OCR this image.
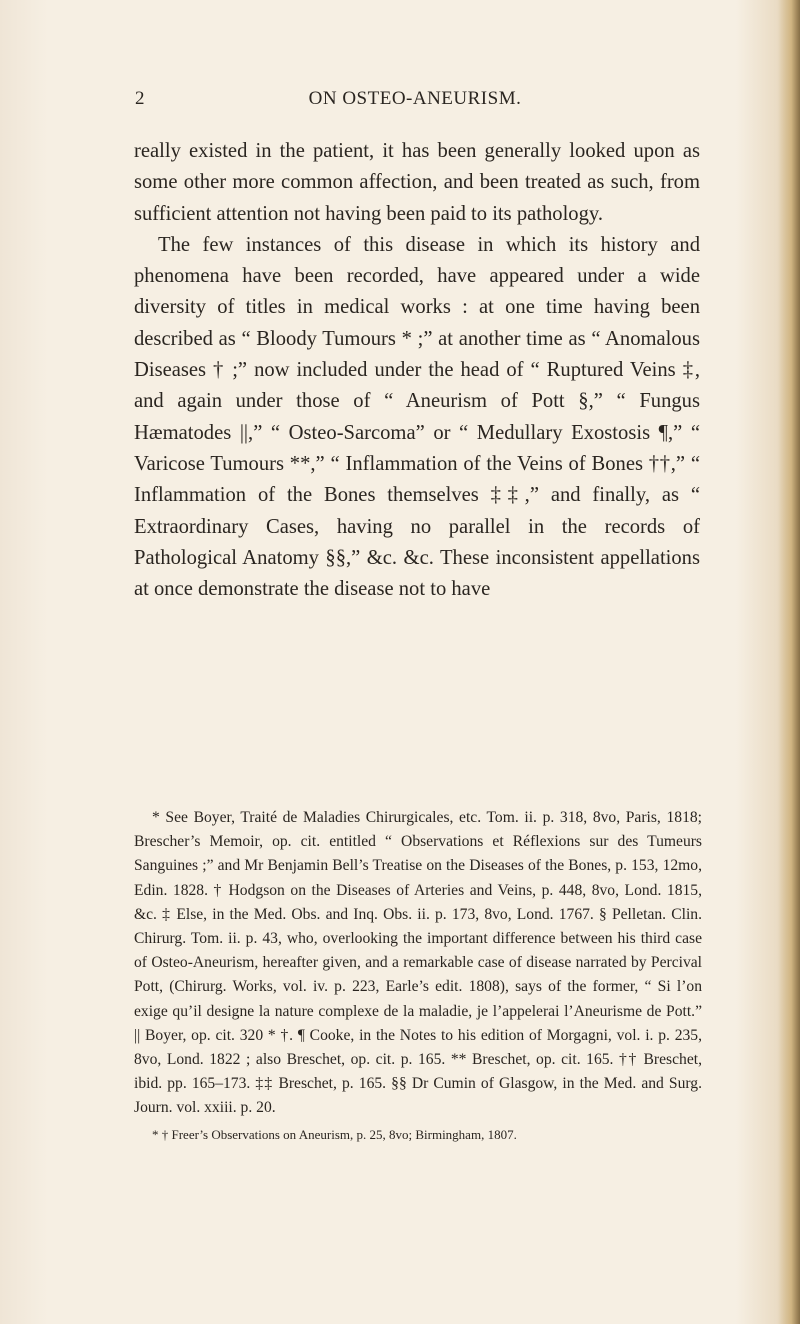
2	ON OSTEO-ANEURISM.

really existed in the patient, it has been generally looked upon as some other more common affection, and been treated as such, from sufficient attention not having been paid to its pathology.

The few instances of this disease in which its history and phenomena have been recorded, have appeared under a wide diversity of titles in medical works : at one time having been described as “ Bloody Tumours * ;” at another time as “ Anomalous Diseases † ;” now included under the head of “ Ruptured Veins ‡, and again under those of “ Aneurism of Pott §,” “ Fungus Hæmatodes ||,” “ Osteo-Sarcoma” or “ Medullary Exostosis ¶,” “ Varicose Tumours **,” “ Inflammation of the Veins of Bones ††,” “ Inflammation of the Bones themselves ‡‡,” and finally, as “ Extraordinary Cases, having no parallel in the records of Pathological Anatomy §§,” &c. &c. These inconsistent appellations at once demonstrate the disease not to have

* See Boyer, Traité de Maladies Chirurgicales, etc. Tom. ii. p. 318, 8vo, Paris, 1818; Brescher’s Memoir, op. cit. entitled “ Observations et Réflexions sur des Tumeurs Sanguines ;” and Mr Benjamin Bell’s Treatise on the Diseases of the Bones, p. 153, 12mo, Edin. 1828. † Hodgson on the Diseases of Arteries and Veins, p. 448, 8vo, Lond. 1815, &c. ‡ Else, in the Med. Obs. and Inq. Obs. ii. p. 173, 8vo, Lond. 1767. § Pelletan. Clin. Chirurg. Tom. ii. p. 43, who, overlooking the important difference between his third case of Osteo-Aneurism, hereafter given, and a remarkable case of disease narrated by Percival Pott, (Chirurg. Works, vol. iv. p. 223, Earle’s edit. 1808), says of the former, “ Si l’on exige qu’il designe la nature complexe de la maladie, je l’appelerai l’Aneurisme de Pott.” || Boyer, op. cit. 320 * †. ¶ Cooke, in the Notes to his edition of Morgagni, vol. i. p. 235, 8vo, Lond. 1822 ; also Breschet, op. cit. p. 165. ** Breschet, op. cit. 165. †† Breschet, ibid. pp. 165–173. ‡‡ Breschet, p. 165. §§ Dr Cumin of Glasgow, in the Med. and Surg. Journ. vol. xxiii. p. 20.

* † Freer’s Observations on Aneurism, p. 25, 8vo; Birmingham, 1807.
